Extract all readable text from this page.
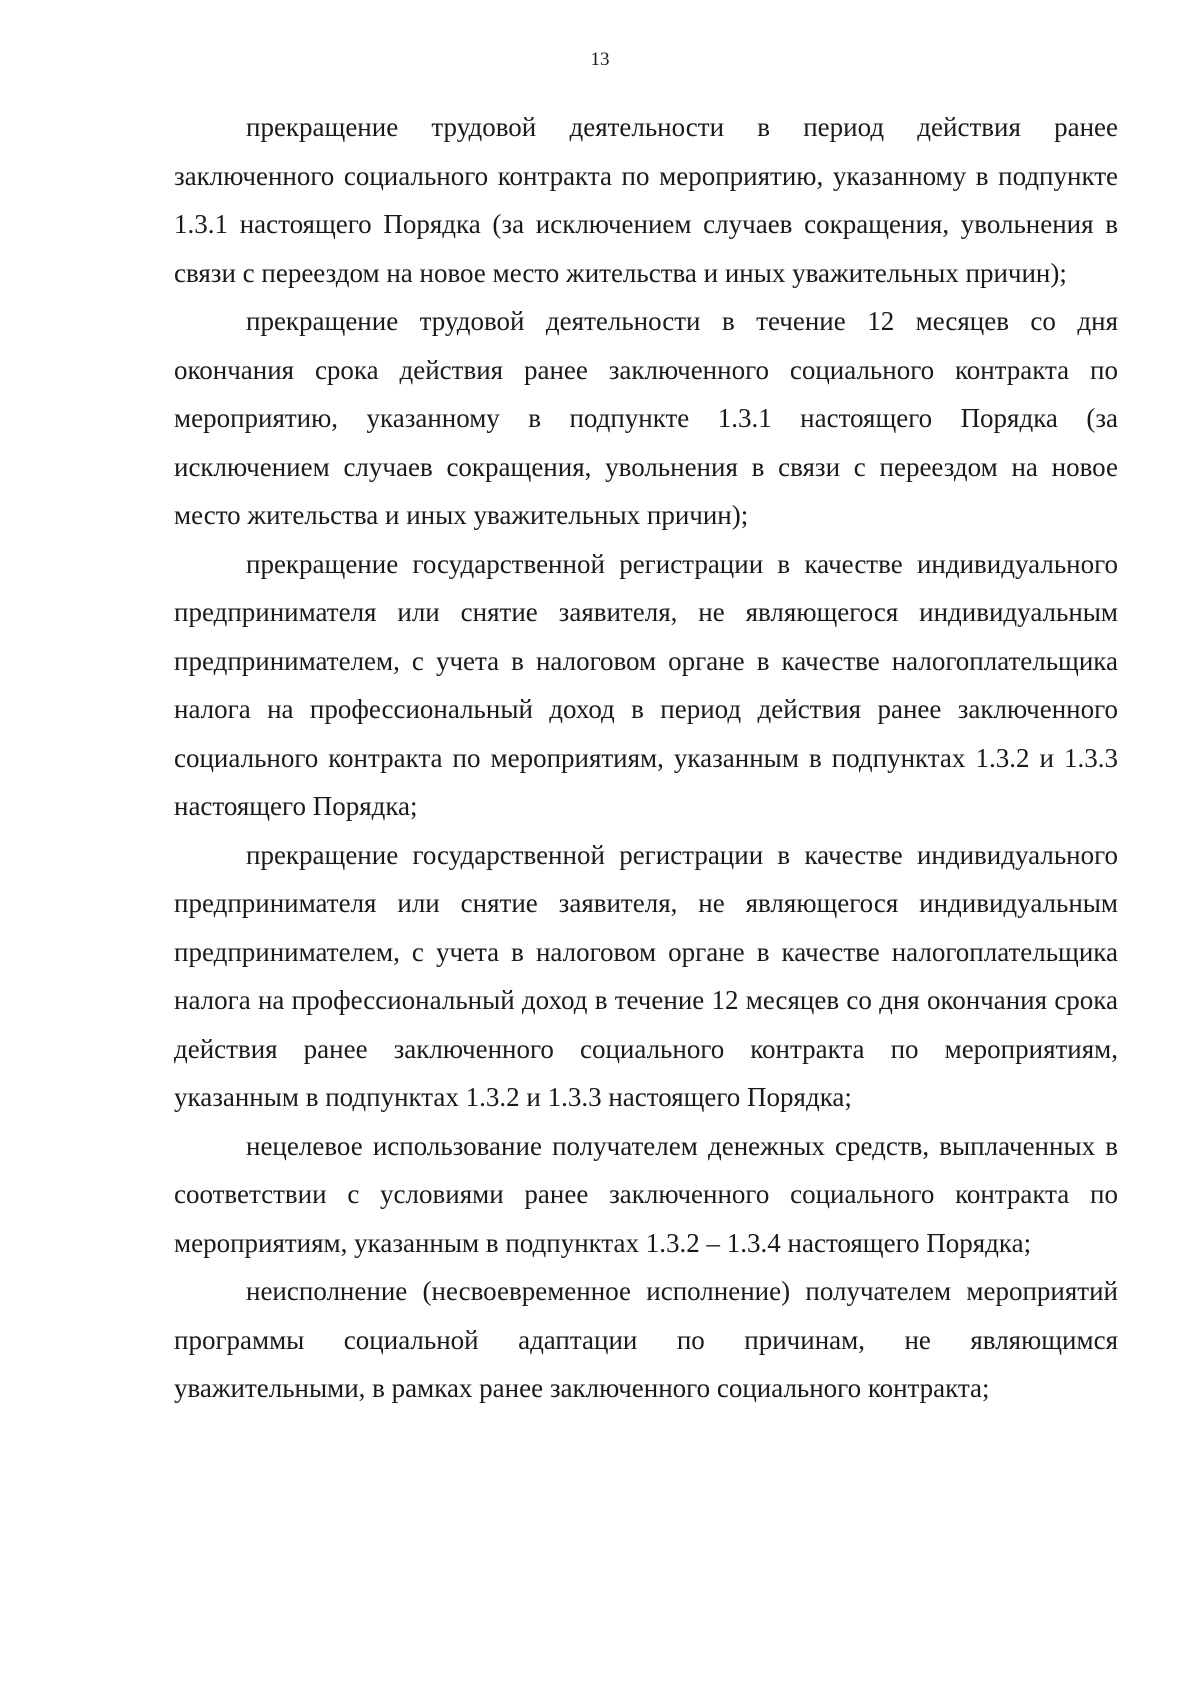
13

прекращение трудовой деятельности в период действия ранее заключенного социального контракта по мероприятию, указанному в подпункте 1.3.1 настоящего Порядка (за исключением случаев сокращения, увольнения в связи с переездом на новое место жительства и иных уважительных причин);

прекращение трудовой деятельности в течение 12 месяцев со дня окончания срока действия ранее заключенного социального контракта по мероприятию, указанному в подпункте 1.3.1 настоящего Порядка (за исключением случаев сокращения, увольнения в связи с переездом на новое место жительства и иных уважительных причин);

прекращение государственной регистрации в качестве индивидуального предпринимателя или снятие заявителя, не являющегося индивидуальным предпринимателем, с учета в налоговом органе в качестве налогоплательщика налога на профессиональный доход в период действия ранее заключенного социального контракта по мероприятиям, указанным в подпунктах 1.3.2 и 1.3.3 настоящего Порядка;

прекращение государственной регистрации в качестве индивидуального предпринимателя или снятие заявителя, не являющегося индивидуальным предпринимателем, с учета в налоговом органе в качестве налогоплательщика налога на профессиональный доход в течение 12 месяцев со дня окончания срока действия ранее заключенного социального контракта по мероприятиям, указанным в подпунктах 1.3.2 и 1.3.3 настоящего Порядка;

нецелевое использование получателем денежных средств, выплаченных в соответствии с условиями ранее заключенного социального контракта по мероприятиям, указанным в подпунктах 1.3.2 – 1.3.4 настоящего Порядка;

неисполнение (несвоевременное исполнение) получателем мероприятий программы социальной адаптации по причинам, не являющимся уважительными, в рамках ранее заключенного социального контракта;
